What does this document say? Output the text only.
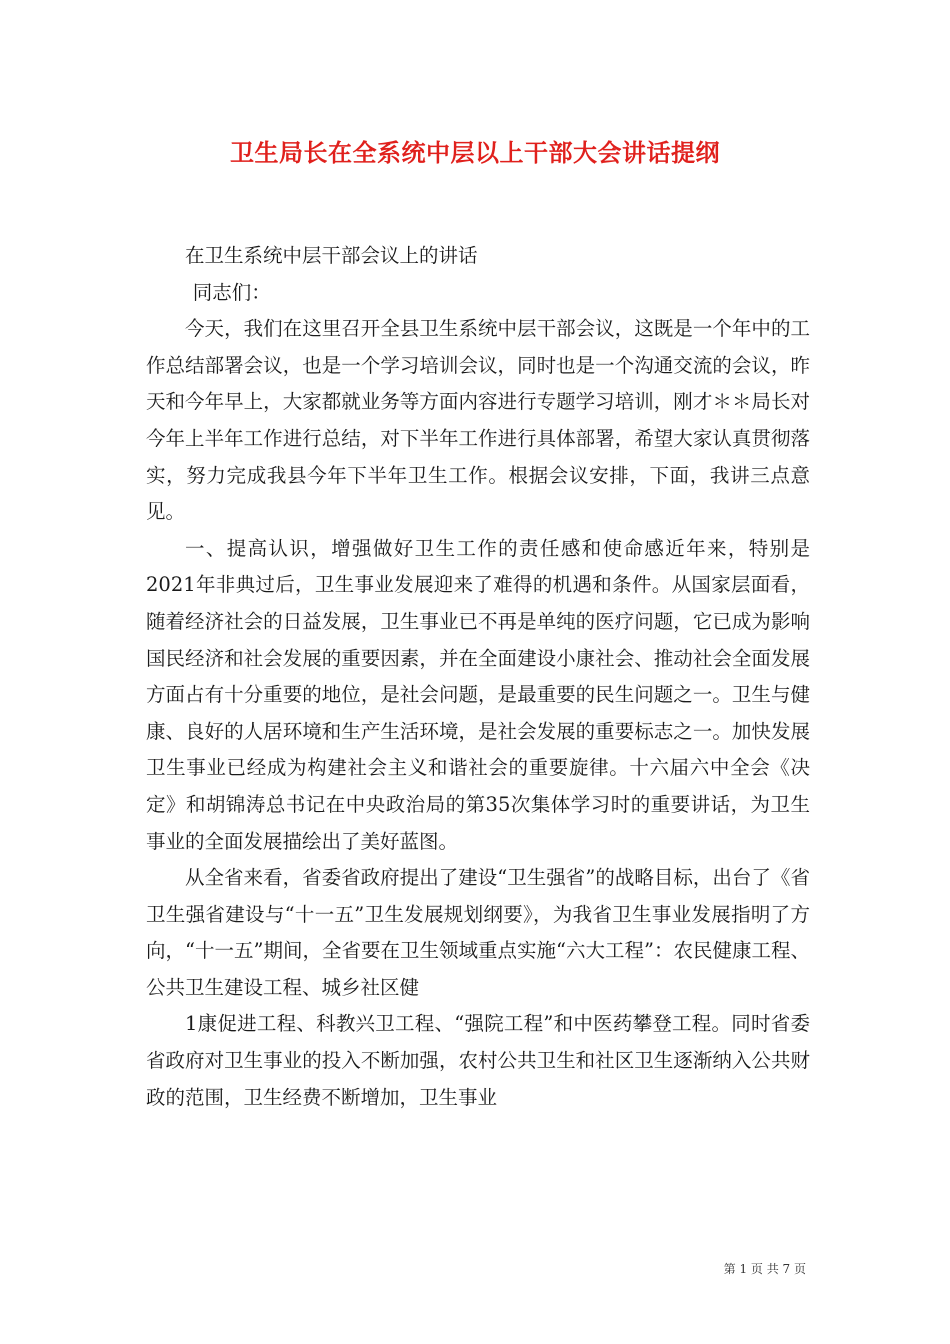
卫生局长在全系统中层以上干部大会讲话提纲

在卫生系统中层干部会议上的讲话

同志们：

今天，我们在这里召开全县卫生系统中层干部会议，这既是一个年中的工作总结部署会议，也是一个学习培训会议，同时也是一个沟通交流的会议，昨天和今年早上，大家都就业务等方面内容进行专题学习培训，刚才＊＊局长对今年上半年工作进行总结，对下半年工作进行具体部署，希望大家认真贯彻落实，努力完成我县今年下半年卫生工作。根据会议安排，下面，我讲三点意见。

一、提高认识，增强做好卫生工作的责任感和使命感近年来，特别是2021年非典过后，卫生事业发展迎来了难得的机遇和条件。从国家层面看，随着经济社会的日益发展，卫生事业已不再是单纯的医疗问题，它已成为影响国民经济和社会发展的重要因素，并在全面建设小康社会、推动社会全面发展方面占有十分重要的地位，是社会问题，是最重要的民生问题之一。卫生与健康、良好的人居环境和生产生活环境，是社会发展的重要标志之一。加快发展卫生事业已经成为构建社会主义和谐社会的重要旋律。十六届六中全会《决定》和胡锦涛总书记在中央政治局的第35次集体学习时的重要讲话，为卫生事业的全面发展描绘出了美好蓝图。

从全省来看，省委省政府提出了建设“卫生强省”的战略目标，出台了《省卫生强省建设与“十一五”卫生发展规划纲要》，为我省卫生事业发展指明了方向，“十一五”期间，全省要在卫生领域重点实施“六大工程”：农民健康工程、公共卫生建设工程、城乡社区健

1康促进工程、科教兴卫工程、“强院工程”和中医药攀登工程。同时省委省政府对卫生事业的投入不断加强，农村公共卫生和社区卫生逐渐纳入公共财政的范围，卫生经费不断增加，卫生事业

第 1 页 共 7 页
